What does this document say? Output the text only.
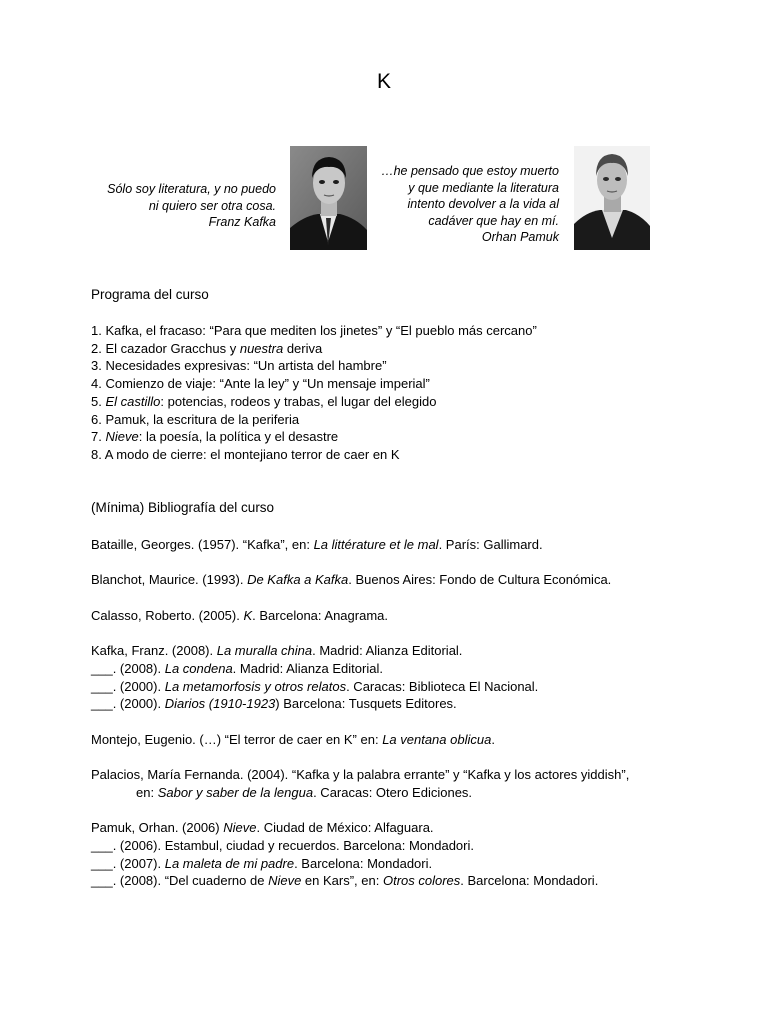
K
Sólo soy literatura, y no puedo
ni quiero ser otra cosa.
Franz Kafka
…he pensado que estoy muerto
y que mediante la literatura
intento devolver a la vida al
cadáver que hay en mí.
Orhan Pamuk
Programa del curso
1. Kafka, el fracaso: “Para que mediten los jinetes” y “El pueblo más cercano”
2. El cazador Gracchus y nuestra deriva
3. Necesidades expresivas: “Un artista del hambre”
4. Comienzo de viaje: “Ante la ley” y “Un mensaje imperial”
5. El castillo: potencias, rodeos y trabas, el lugar del elegido
6. Pamuk, la escritura de la periferia
7. Nieve: la poesía, la política y el desastre
8. A modo de cierre: el montejiano terror de caer en K
(Mínima) Bibliografía del curso
Bataille, Georges. (1957). “Kafka”, en: La littérature et le mal. París: Gallimard.
Blanchot, Maurice. (1993). De Kafka a Kafka. Buenos Aires: Fondo de Cultura Económica.
Calasso, Roberto. (2005). K. Barcelona: Anagrama.
Kafka, Franz. (2008). La muralla china. Madrid: Alianza Editorial.
___. (2008). La condena. Madrid: Alianza Editorial.
___. (2000). La metamorfosis y otros relatos. Caracas: Biblioteca El Nacional.
___. (2000). Diarios (1910-1923) Barcelona: Tusquets Editores.
Montejo, Eugenio. (…) “El terror de caer en K” en: La ventana oblicua.
Palacios, María Fernanda. (2004). “Kafka y la palabra errante” y “Kafka y los actores yiddish”,
en: Sabor y saber de la lengua. Caracas: Otero Ediciones.
Pamuk, Orhan. (2006) Nieve. Ciudad de México: Alfaguara.
___. (2006). Estambul, ciudad y recuerdos. Barcelona: Mondadori.
___. (2007). La maleta de mi padre. Barcelona: Mondadori.
___. (2008). “Del cuaderno de Nieve en Kars”, en: Otros colores. Barcelona: Mondadori.
